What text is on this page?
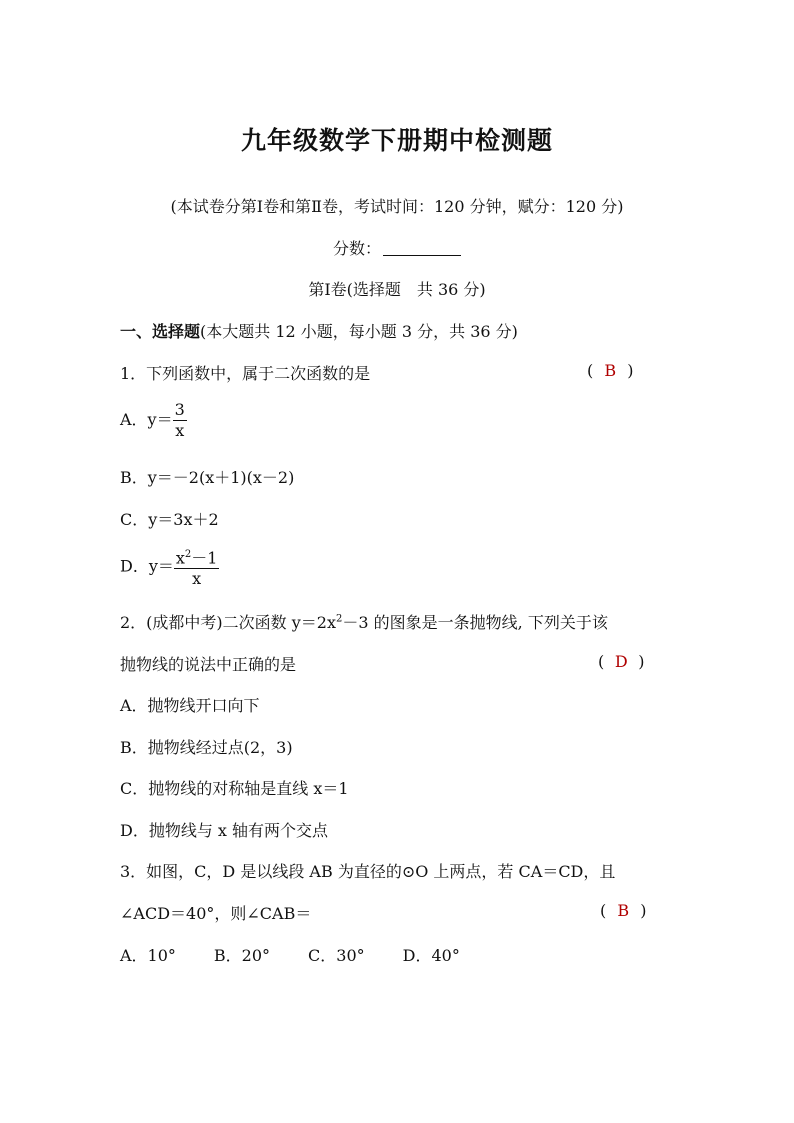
九年级数学下册期中检测题
(本试卷分第Ⅰ卷和第Ⅱ卷，考试时间：120 分钟，赋分：120 分)
分数：
第Ⅰ卷(选择题　共 36 分)
一、选择题(本大题共 12 小题，每小题 3 分，共 36 分)
1．下列函数中，属于二次函数的是	( B )
A．$y= \frac{3}{x}$
B．y＝－2(x＋1)(x－2)
C．y＝3x＋2
D．$y= \frac{x^2-1}{x}$
2．(成都中考)二次函数 $y=2x^2-3$ 的图象是一条抛物线, 下列关于该
抛物线的说法中正确的是	( D )
A．抛物线开口向下
B．抛物线经过点(2，3)
C．抛物线的对称轴是直线 x＝1
D．抛物线与 x 轴有两个交点
3．如图，C，D 是以线段 AB 为直径的⊙O 上两点，若 CA＝CD，且
∠ACD＝40°，则∠CAB＝	( B )
A．10° B．20° C．30° D．40°
